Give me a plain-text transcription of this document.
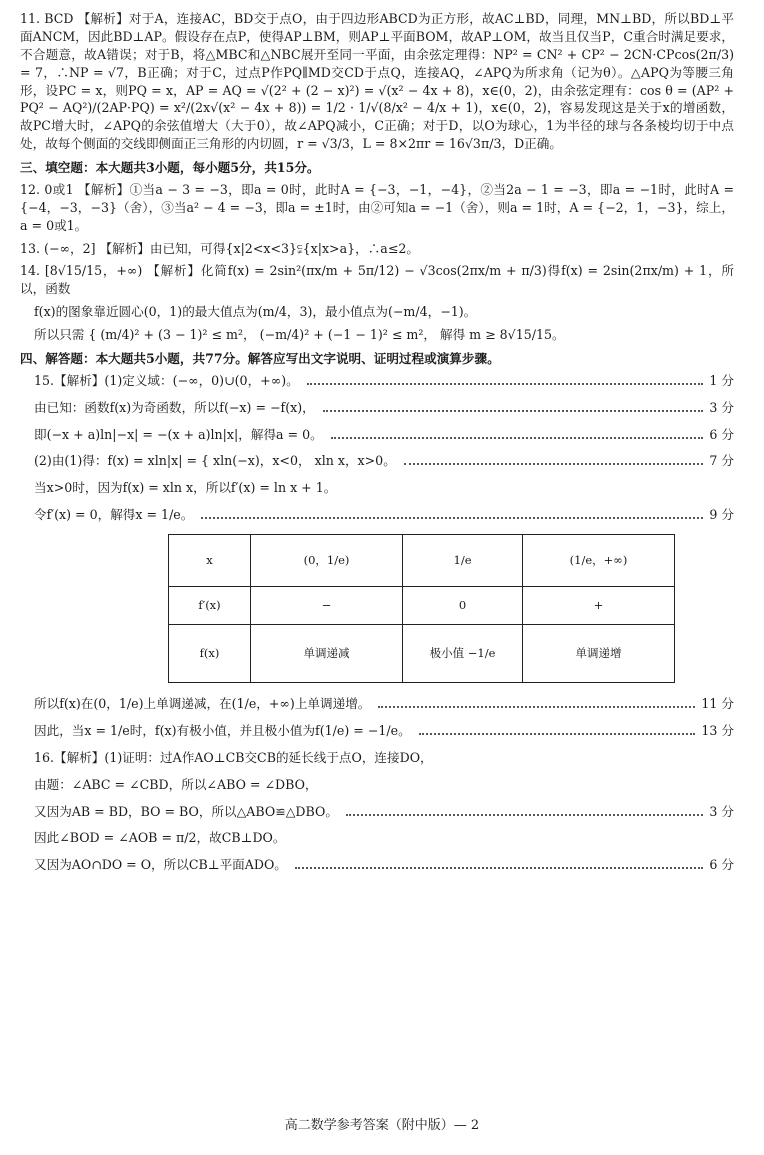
11. BCD 【解析】对于A，连接AC，BD交于点O，由于四边形ABCD为正方形，故AC⊥BD，同理，MN⊥BD，所以BD⊥平面ANCM，因此BD⊥AP。假设存在点P，使得AP⊥BM，则AP⊥平面BOM，故AP⊥OM，故当且仅当P，C重合时满足要求，不合题意，故A错误；对于B，将△MBC和△NBC展开至同一平面，由余弦定理得：NP² = CN² + CP² − 2CN·CPcos(2π/3) = 7，∴NP = √7，B正确；对于C，过点P作PQ∥MD交CD于点Q，连接AQ，∠APQ为所求角（记为θ）。△APQ为等腰三角形，设PC = x，则PQ = x，AP = AQ = √(2² + (2 − x)²) = √(x² − 4x + 8)，x∈(0，2)，由余弦定理有：cos θ = (AP² + PQ² − AQ²)/(2AP·PQ) = x²/(2x√(x² − 4x + 8)) = 1/2 · 1/√(8/x² − 4/x + 1)，x∈(0，2)，容易发现这是关于x的增函数，故PC增大时，∠APQ的余弦值增大（大于0），故∠APQ减小，C正确；对于D，以O为球心，1为半径的球与各条棱均切于中点处，故每个侧面的交线即侧面正三角形的内切圆，r = √3/3，L = 8×2πr = 16√3π/3，D正确。

三、填空题：本大题共3小题，每小题5分，共15分。

12. 0或1 【解析】①当a − 3 = −3，即a = 0时，此时A = {−3，−1，−4}，②当2a − 1 = −3，即a = −1时，此时A = {−4，−3，−3}（舍），③当a² − 4 = −3，即a = ±1时，由②可知a = −1（舍），则a = 1时，A = {−2，1，−3}，综上，a = 0或1。

13. (−∞，2] 【解析】由已知，可得{x|2<x<3}⫋{x|x>a}，∴a≤2。

14. [8√15/15，+∞) 【解析】化简f(x) = 2sin²(πx/m + 5π/12) − √3cos(2πx/m + π/3)得f(x) = 2sin(2πx/m) + 1，所以，函数

f(x)的图象靠近圆心(0，1)的最大值点为(m/4，3)，最小值点为(−m/4，−1)。

所以只需 { (m/4)² + (3 − 1)² ≤ m²， (−m/4)² + (−1 − 1)² ≤ m²， 解得 m ≥ 8√15/15。

四、解答题：本大题共5小题，共77分。解答应写出文字说明、证明过程或演算步骤。
15.【解析】(1)定义域：(−∞，0)∪(0，+∞)。	1 分
由已知：函数f(x)为奇函数，所以f(−x) = −f(x)，	3 分
即(−x + a)ln|−x| = −(x + a)ln|x|，解得a = 0。	6 分
(2)由(1)得：f(x) = xln|x| = { xln(−x)，x<0， xln x，x>0。	7 分
当x>0时，因为f(x) = xln x，所以f′(x) = ln x + 1。
令f′(x) = 0，解得x = 1/e。	9 分
x	(0，1/e)	1/e	(1/e，+∞)
f′(x)	−	0	+
f(x)	单调递减	极小值 −1/e	单调递增
所以f(x)在(0，1/e)上单调递减，在(1/e，+∞)上单调递增。	11 分
因此，当x = 1/e时，f(x)有极小值，并且极小值为f(1/e) = −1/e。	13 分
16.【解析】(1)证明：过A作AO⊥CB交CB的延长线于点O，连接DO，
由题：∠ABC = ∠CBD，所以∠ABO = ∠DBO，
又因为AB = BD，BO = BO，所以△ABO≌△DBO。	3 分
因此∠BOD = ∠AOB = π/2，故CB⊥DO。
又因为AO∩DO = O，所以CB⊥平面ADO。	6 分
高二数学参考答案（附中版）— 2
